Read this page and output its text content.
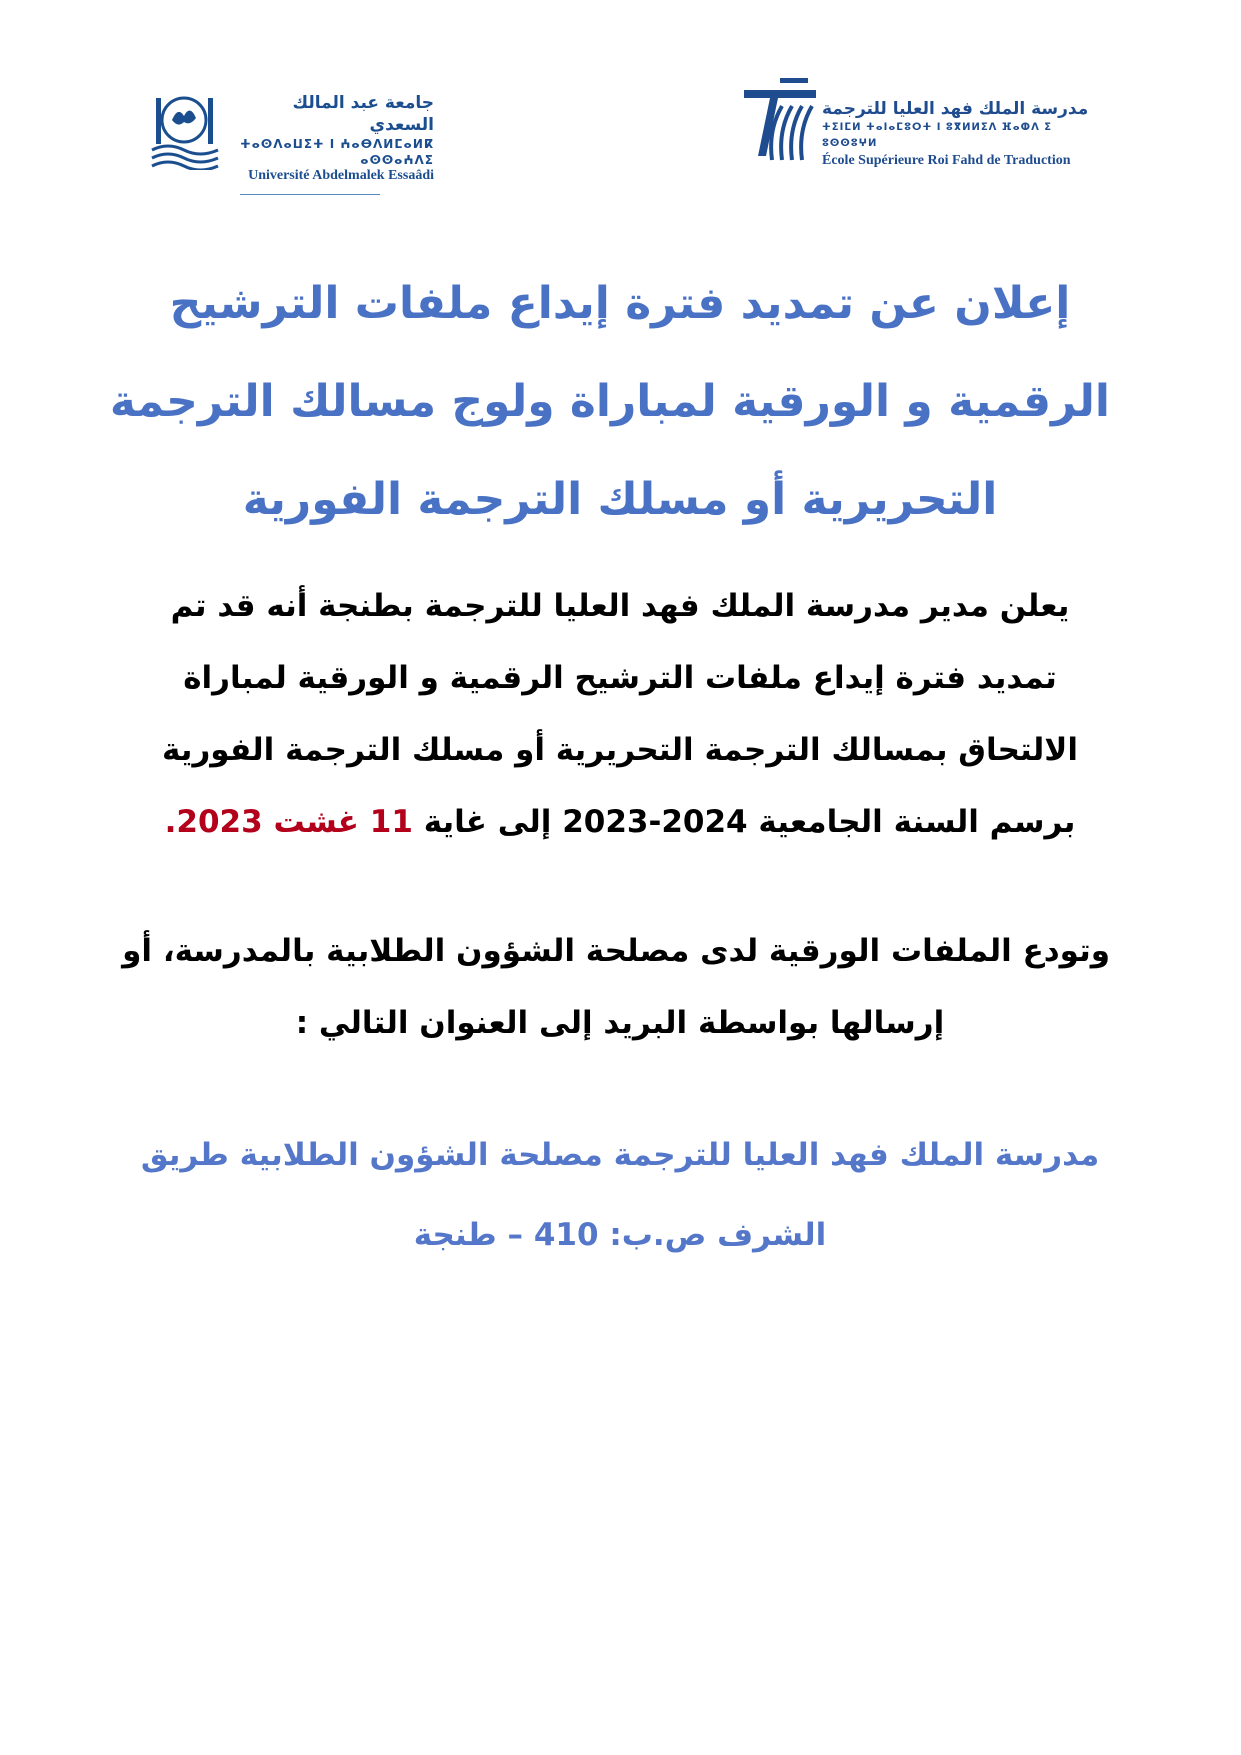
جامعة عبد المالك السعدي
ⵜⴰⵙⴷⴰⵡⵉⵜ ⵏ ⵄⴰⴱⴷⵍⵎⴰⵍⴽ ⴰⵙⵙⴰⵄⴷⵉ
Université Abdelmalek Essaâdi
مدرسة الملك فهد العليا للترجمة
ⵜⵉⵏⵎⵍ ⵜⴰⵏⴰⵎⵓⵔⵜ ⵏ ⵓⴳⵍⵍⵉⴷ ⴼⴰⵀⴷ ⵉ ⵓⵙⵙⵓⵖⵍ
École Supérieure Roi Fahd de Traduction
إعلان عن تمديد فترة إيداع ملفات الترشيح
الرقمية و الورقية لمباراة ولوج مسالك الترجمة
التحريرية أو مسلك الترجمة الفورية
يعلن مدير مدرسة الملك فهد العليا للترجمة بطنجة أنه قد تم
تمديد فترة إيداع ملفات الترشيح الرقمية و الورقية لمباراة
الالتحاق بمسالك الترجمة التحريرية أو مسلك الترجمة الفورية
برسم السنة الجامعية 2024-2023 إلى غاية 11 غشت 2023.
وتودع الملفات الورقية لدى مصلحة الشؤون الطلابية بالمدرسة، أو
إرسالها بواسطة البريد إلى العنوان التالي :
مدرسة الملك فهد العليا للترجمة مصلحة الشؤون الطلابية طريق
الشرف ص.ب: 410 – طنجة
